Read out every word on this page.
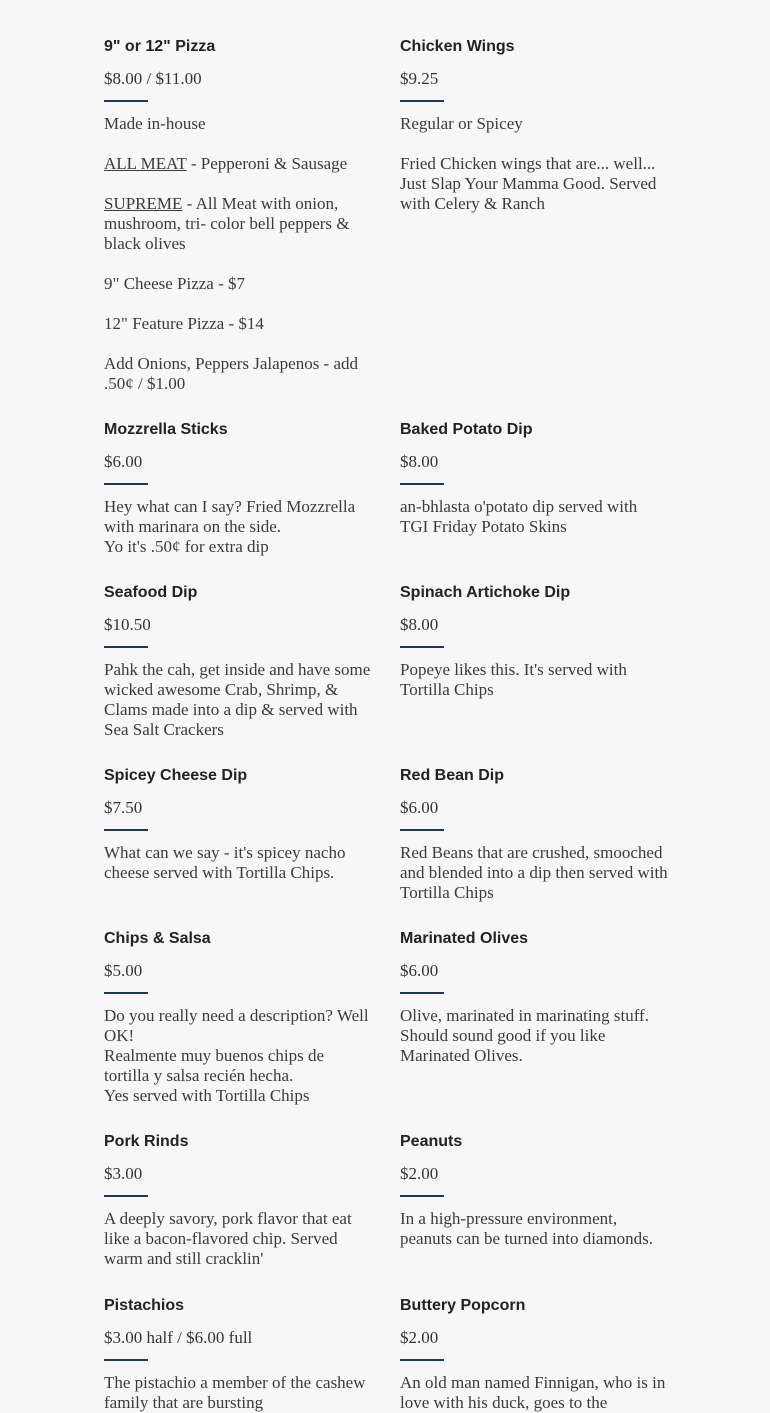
9" or 12" Pizza
$8.00 / $11.00

Made in-house

ALL MEAT - Pepperoni & Sausage

SUPREME - All Meat with onion, mushroom, tri- color bell peppers & black olives

9" Cheese Pizza - $7

12" Feature Pizza - $14

Add Onions, Peppers Jalapenos - add .50¢ / $1.00

Chicken Wings
$9.25

Regular or Spicey

Fried Chicken wings that are... well... Just Slap Your Mamma Good. Served with Celery & Ranch

Mozzrella Sticks
$6.00

Hey what can I say? Fried Mozzrella with marinara on the side.
Yo it's .50¢ for extra dip

Baked Potato Dip
$8.00

an-bhlasta o'potato dip served with TGI Friday Potato Skins

Seafood Dip
$10.50

Pahk the cah, get inside and have some wicked awesome Crab, Shrimp, & Clams made into a dip & served with Sea Salt Crackers

Spinach Artichoke Dip
$8.00

Popeye likes this. It's served with Tortilla Chips

Spicey Cheese Dip
$7.50

What can we say - it's spicey nacho cheese served with Tortilla Chips.

Red Bean Dip
$6.00

Red Beans that are crushed, smooched and blended into a dip then served with Tortilla Chips

Chips & Salsa
$5.00

Do you really need a description? Well OK!
Realmente muy buenos chips de tortilla y salsa recién hecha.
Yes served with Tortilla Chips

Marinated Olives
$6.00

Olive, marinated in marinating stuff. Should sound good if you like Marinated Olives.

Pork Rinds
$3.00

A deeply savory, pork flavor that eat like a bacon-flavored chip. Served warm and still cracklin'

Peanuts
$2.00

In a high-pressure environment, peanuts can be turned into diamonds.

Pistachios
$3.00 half / $6.00 full

The pistachio a member of the cashew family that are bursting

Buttery Popcorn
$2.00

An old man named Finnigan, who is in love with his duck, goes to the
